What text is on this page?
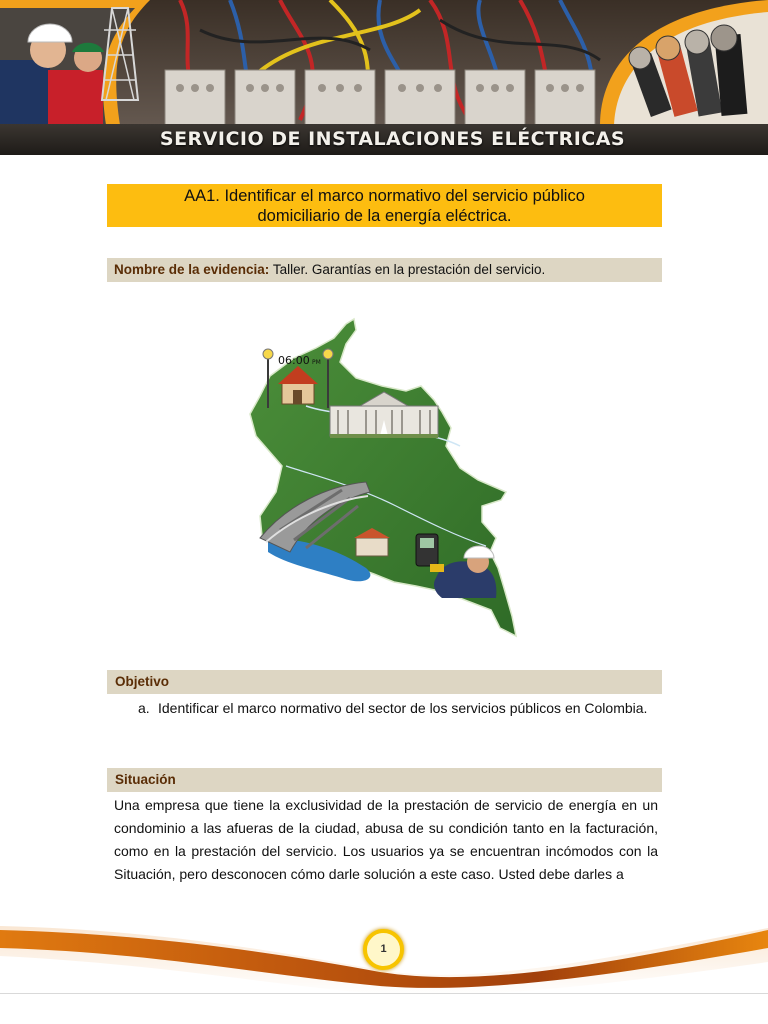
SERVICIO DE INSTALACIONES ELÉCTRICAS
AA1. Identificar el marco normativo del servicio público
domiciliario de la energía eléctrica.
Nombre de la evidencia: Taller. Garantías en la prestación del servicio.
06:00 PM
Objetivo
a. Identificar el marco normativo del sector de los servicios públicos en Colombia.
Situación
Una empresa que tiene la exclusividad de la prestación de servicio de energía en un condominio a las afueras de la ciudad, abusa de su condición tanto en la facturación, como en la prestación del servicio. Los usuarios ya se encuentran incómodos con la Situación, pero desconocen cómo darle solución a este caso. Usted debe darles a
1
